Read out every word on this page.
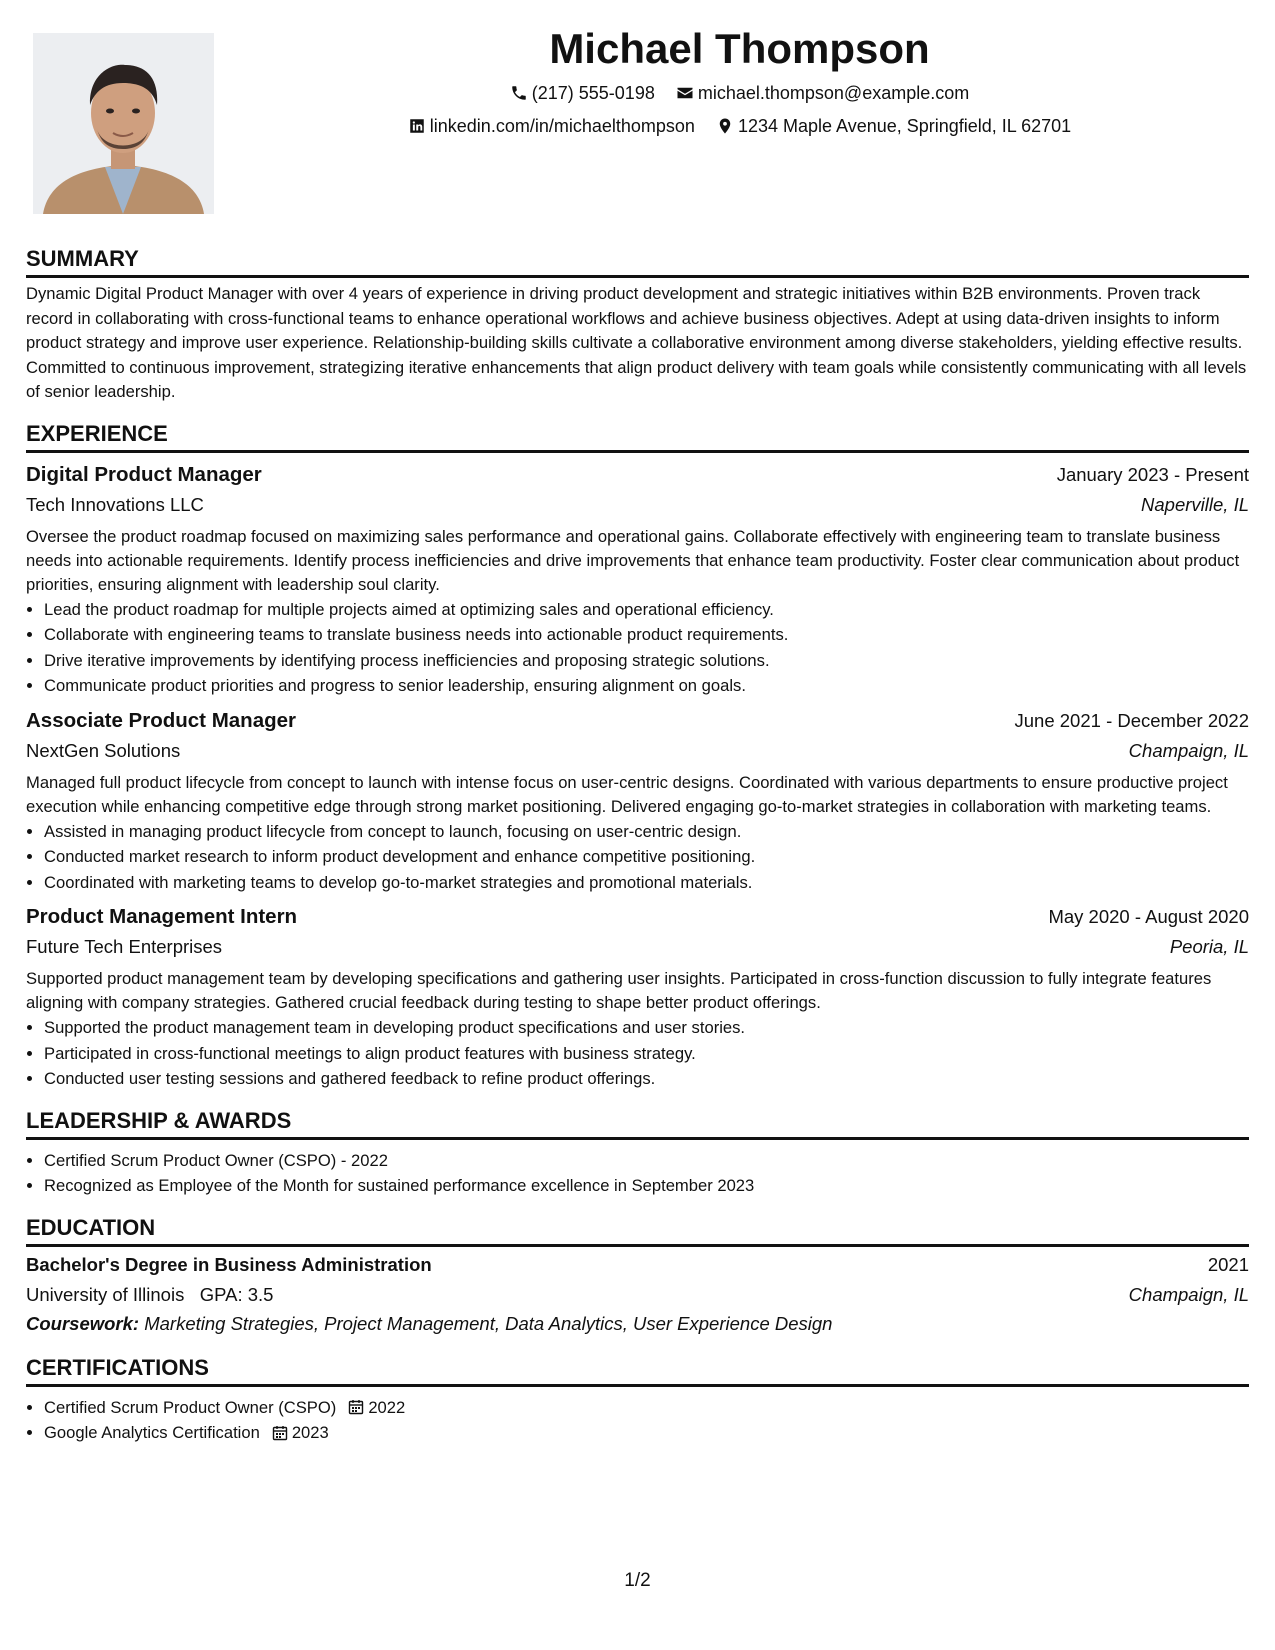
Michael Thompson
(217) 555-0198
michael.thompson@example.com
linkedin.com/in/michaelthompson
1234 Maple Avenue, Springfield, IL 62701
SUMMARY

Dynamic Digital Product Manager with over 4 years of experience in driving product development and strategic initiatives within B2B environments. Proven track record in collaborating with cross-functional teams to enhance operational workflows and achieve business objectives. Adept at using data-driven insights to inform product strategy and improve user experience. Relationship-building skills cultivate a collaborative environment among diverse stakeholders, yielding effective results. Committed to continuous improvement, strategizing iterative enhancements that align product delivery with team goals while consistently communicating with all levels of senior leadership.

EXPERIENCE
Digital Product Manager	January 2023 - Present
Tech Innovations LLC	Naperville, IL

Oversee the product roadmap focused on maximizing sales performance and operational gains. Collaborate effectively with engineering team to translate business needs into actionable requirements. Identify process inefficiencies and drive improvements that enhance team productivity. Foster clear communication about product priorities, ensuring alignment with leadership soul clarity.

• Lead the product roadmap for multiple projects aimed at optimizing sales and operational efficiency.
• Collaborate with engineering teams to translate business needs into actionable product requirements.
• Drive iterative improvements by identifying process inefficiencies and proposing strategic solutions.
• Communicate product priorities and progress to senior leadership, ensuring alignment on goals.
Associate Product Manager	June 2021 - December 2022
NextGen Solutions	Champaign, IL

Managed full product lifecycle from concept to launch with intense focus on user-centric designs. Coordinated with various departments to ensure productive project execution while enhancing competitive edge through strong market positioning. Delivered engaging go-to-market strategies in collaboration with marketing teams.

• Assisted in managing product lifecycle from concept to launch, focusing on user-centric design.
• Conducted market research to inform product development and enhance competitive positioning.
• Coordinated with marketing teams to develop go-to-market strategies and promotional materials.
Product Management Intern	May 2020 - August 2020
Future Tech Enterprises	Peoria, IL

Supported product management team by developing specifications and gathering user insights. Participated in cross-function discussion to fully integrate features aligning with company strategies. Gathered crucial feedback during testing to shape better product offerings.

• Supported the product management team in developing product specifications and user stories.
• Participated in cross-functional meetings to align product features with business strategy.
• Conducted user testing sessions and gathered feedback to refine product offerings.
LEADERSHIP & AWARDS
• Certified Scrum Product Owner (CSPO) - 2022
• Recognized as Employee of the Month for sustained performance excellence in September 2023
EDUCATION
Bachelor's Degree in Business Administration	2021
University of Illinois GPA: 3.5	Champaign, IL
Coursework: Marketing Strategies, Project Management, Data Analytics, User Experience Design
CERTIFICATIONS
• Certified Scrum Product Owner (CSPO) 2022
• Google Analytics Certification 2023
1/2
